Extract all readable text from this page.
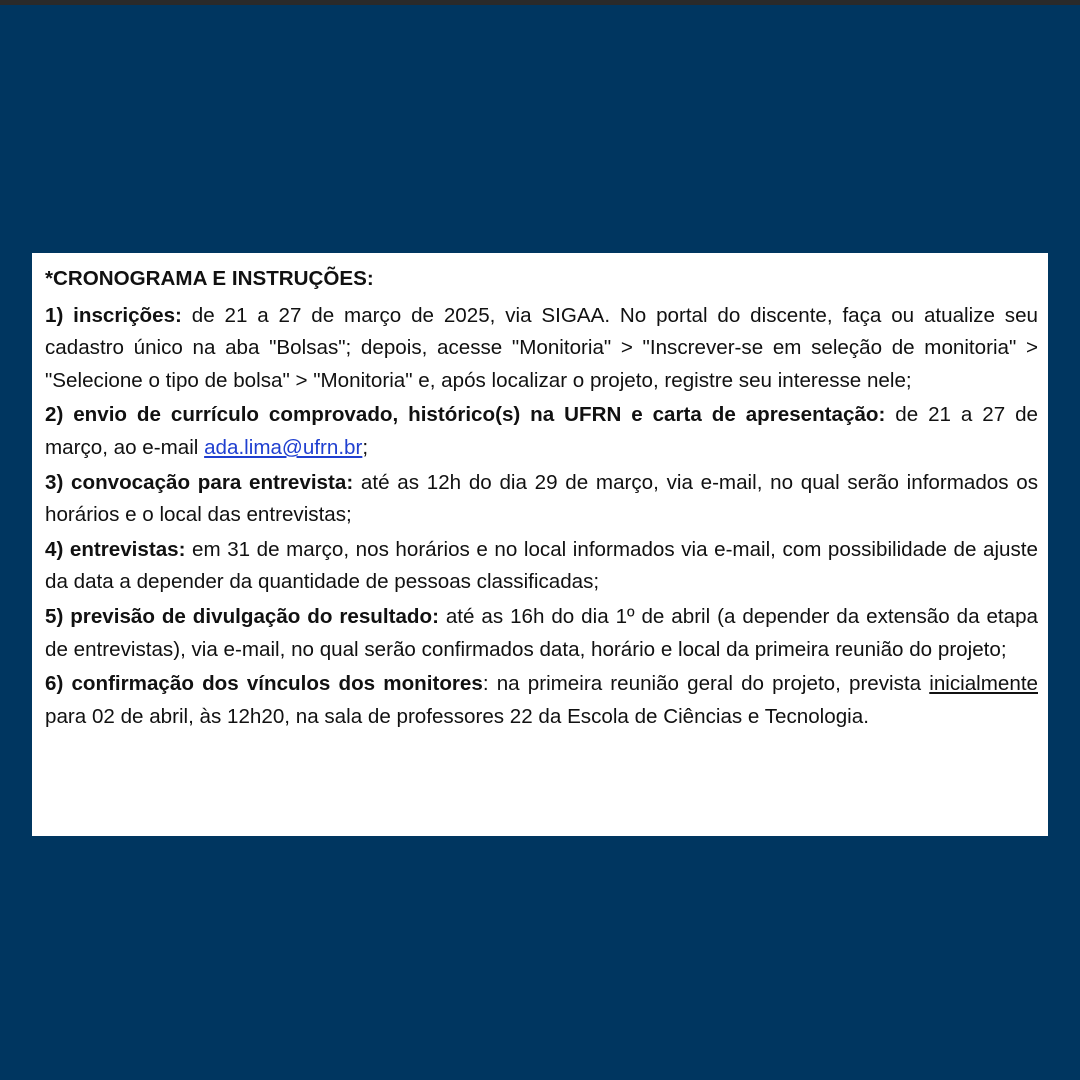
*CRONOGRAMA E INSTRUÇÕES:

1) inscrições: de 21 a 27 de março de 2025, via SIGAA. No portal do discente, faça ou atualize seu cadastro único na aba "Bolsas"; depois, acesse "Monitoria" > "Inscrever-se em seleção de monitoria" > "Selecione o tipo de bolsa" > "Monitoria" e, após localizar o projeto, registre seu interesse nele;

2) envio de currículo comprovado, histórico(s) na UFRN e carta de apresentação: de 21 a 27 de março, ao e-mail ada.lima@ufrn.br;

3) convocação para entrevista: até as 12h do dia 29 de março, via e-mail, no qual serão informados os horários e o local das entrevistas;

4) entrevistas: em 31 de março, nos horários e no local informados via e-mail, com possibilidade de ajuste da data a depender da quantidade de pessoas classificadas;

5) previsão de divulgação do resultado: até as 16h do dia 1º de abril (a depender da extensão da etapa de entrevistas), via e-mail, no qual serão confirmados data, horário e local da primeira reunião do projeto;

6) confirmação dos vínculos dos monitores: na primeira reunião geral do projeto, prevista inicialmente para 02 de abril, às 12h20, na sala de professores 22 da Escola de Ciências e Tecnologia.
